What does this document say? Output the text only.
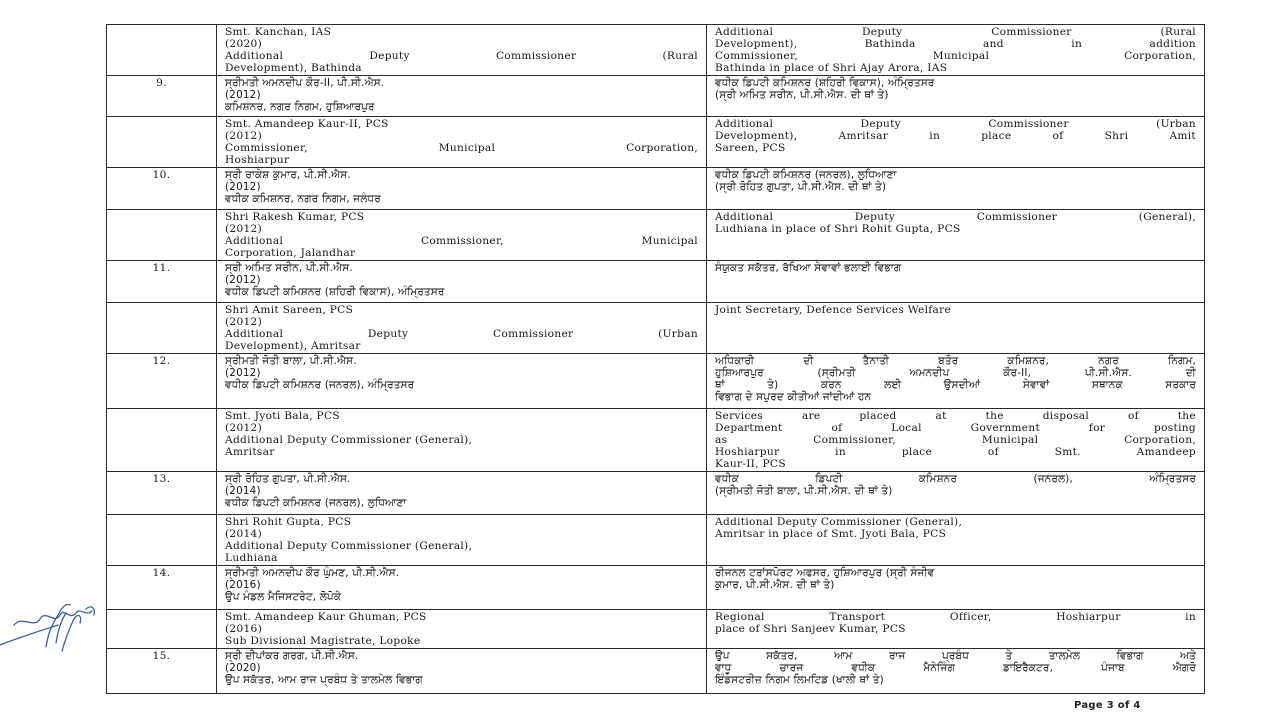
	Smt. Kanchan, IAS
(2020)
Additional Deputy Commissioner (Rural
Development), Bathinda	Additional Deputy Commissioner (Rural
Development), Bathinda and in addition
Commissioner, Municipal Corporation,
Bathinda in place of Shri Ajay Arora, IAS

9.	ਸ੍ਰੀਮਤੀ ਅਮਨਦੀਪ ਕੌਰ-II, ਪੀ.ਸੀ.ਐਸ.
(2012)
ਕਮਿਸ਼ਨਰ, ਨਗਰ ਨਿਗਮ, ਹੁਸ਼ਿਆਰਪੁਰ	ਵਧੀਕ ਡਿਪਟੀ ਕਮਿਸ਼ਨਰ (ਸ਼ਹਿਰੀ ਵਿਕਾਸ), ਅੰਮ੍ਰਿਤਸਰ
(ਸ੍ਰੀ ਅਮਿਤ ਸਰੀਨ, ਪੀ.ਸੀ.ਐਸ. ਦੀ ਥਾਂ ਤੇ)

	Smt. Amandeep Kaur-II, PCS
(2012)
Commissioner, Municipal Corporation,
Hoshiarpur	Additional Deputy Commissioner (Urban
Development), Amritsar in place of Shri Amit
Sareen, PCS

10.	ਸ੍ਰੀ ਰਾਕੇਸ਼ ਕੁਮਾਰ, ਪੀ.ਸੀ.ਐਸ.
(2012)
ਵਧੀਕ ਕਮਿਸ਼ਨਰ, ਨਗਰ ਨਿਗਮ, ਜਲੰਧਰ	ਵਧੀਕ ਡਿਪਟੀ ਕਮਿਸ਼ਨਰ (ਜਨਰਲ), ਲੁਧਿਆਣਾ
(ਸ੍ਰੀ ਰੋਹਿਤ ਗੁਪਤਾ, ਪੀ.ਸੀ.ਐਸ. ਦੀ ਥਾਂ ਤੇ)

	Shri Rakesh Kumar, PCS
(2012)
Additional Commissioner, Municipal
Corporation, Jalandhar	Additional Deputy Commissioner (General),
Ludhiana in place of Shri Rohit Gupta, PCS

11.	ਸ੍ਰੀ ਅਮਿਤ ਸਰੀਨ, ਪੀ.ਸੀ.ਐਸ.
(2012)
ਵਧੀਕ ਡਿਪਟੀ ਕਮਿਸ਼ਨਰ (ਸ਼ਹਿਰੀ ਵਿਕਾਸ), ਅੰਮ੍ਰਿਤਸਰ	ਸੰਯੁਕਤ ਸਕੱਤਰ, ਰੱਖਿਆ ਸੇਵਾਵਾਂ ਭਲਾਈ ਵਿਭਾਗ

	Shri Amit Sareen, PCS
(2012)
Additional Deputy Commissioner (Urban
Development), Amritsar	Joint Secretary, Defence Services Welfare

12.	ਸ੍ਰੀਮਤੀ ਜੋਤੀ ਬਾਲਾ, ਪੀ.ਸੀ.ਐਸ.
(2012)
ਵਧੀਕ ਡਿਪਟੀ ਕਮਿਸ਼ਨਰ (ਜਨਰਲ), ਅੰਮ੍ਰਿਤਸਰ	ਅਧਿਕਾਰੀ ਦੀ ਤੈਨਾਤੀ ਬਤੌਰ ਕਮਿਸ਼ਨਰ, ਨਗਰ ਨਿਗਮ,
ਹੁਸ਼ਿਆਰਪੁਰ (ਸ੍ਰੀਮਤੀ ਅਮਨਦੀਪ ਕੌਰ-II, ਪੀ.ਸੀ.ਐਸ. ਦੀ
ਥਾਂ ਤੇ) ਕਰਨ ਲਈ ਉਸਦੀਆਂ ਸੇਵਾਵਾਂ ਸਥਾਨਕ ਸਰਕਾਰ
ਵਿਭਾਗ ਦੇ ਸਪੁਰਦ ਕੀਤੀਆਂ ਜਾਂਦੀਆਂ ਹਨ

	Smt. Jyoti Bala, PCS
(2012)
Additional Deputy Commissioner (General),
Amritsar	Services are placed at the disposal of the
Department of Local Government for posting
as Commissioner, Municipal Corporation,
Hoshiarpur in place of Smt. Amandeep
Kaur-II, PCS

13.	ਸ੍ਰੀ ਰੋਹਿਤ ਗੁਪਤਾ, ਪੀ.ਸੀ.ਐਸ.
(2014)
ਵਧੀਕ ਡਿਪਟੀ ਕਮਿਸ਼ਨਰ (ਜਨਰਲ), ਲੁਧਿਆਣਾ	ਵਧੀਕ ਡਿਪਟੀ ਕਮਿਸ਼ਨਰ (ਜਨਰਲ), ਅੰਮ੍ਰਿਤਸਰ
(ਸ੍ਰੀਮਤੀ ਜੋਤੀ ਬਾਲਾ, ਪੀ.ਸੀ.ਐਸ. ਦੀ ਥਾਂ ਤੇ)

	Shri Rohit Gupta, PCS
(2014)
Additional Deputy Commissioner (General),
Ludhiana	Additional Deputy Commissioner (General),
Amritsar in place of Smt. Jyoti Bala, PCS

14.	ਸ੍ਰੀਮਤੀ ਅਮਨਦੀਪ ਕੌਰ ਘੁੰਮਣ, ਪੀ.ਸੀ.ਐਸ.
(2016)
ਉਪ ਮੰਡਲ ਮੈਜਿਸਟਰੇਟ, ਲੋਪੋਕੇ	ਰੀਜਨਲ ਟਰਾਂਸਪੋਰਟ ਅਫਸਰ, ਹੁਸ਼ਿਆਰਪੁਰ (ਸ੍ਰੀ ਸੰਜੀਵ
ਕੁਮਾਰ, ਪੀ.ਸੀ.ਐਸ. ਦੀ ਥਾਂ ਤੇ)

	Smt. Amandeep Kaur Ghuman, PCS
(2016)
Sub Divisional Magistrate, Lopoke	Regional Transport Officer, Hoshiarpur in
place of Shri Sanjeev Kumar, PCS

15.	ਸ੍ਰੀ ਦੀਪਾਂਕਰ ਗਰਗ, ਪੀ.ਸੀ.ਐਸ.
(2020)
ਉਪ ਸਕੱਤਰ, ਆਮ ਰਾਜ ਪ੍ਰਬੰਧ ਤੇ ਤਾਲਮੇਲ ਵਿਭਾਗ	ਉਪ ਸਕੱਤਰ, ਆਮ ਰਾਜ ਪ੍ਰਬੰਧ ਤੇ ਤਾਲਮੇਲ ਵਿਭਾਗ ਅਤੇ
ਵਾਧੂ ਚਾਰਜ ਵਧੀਕ ਮੈਨੇਜਿੰਗ ਡਾਇਰੈਕਟਰ, ਪੰਜਾਬ ਐਗਰੋ
ਇੰਡਸਟਰੀਜ਼ ਨਿਗਮ ਲਿਮਟਿਡ (ਖਾਲੀ ਥਾਂ ਤੇ)
Page 3 of 4
